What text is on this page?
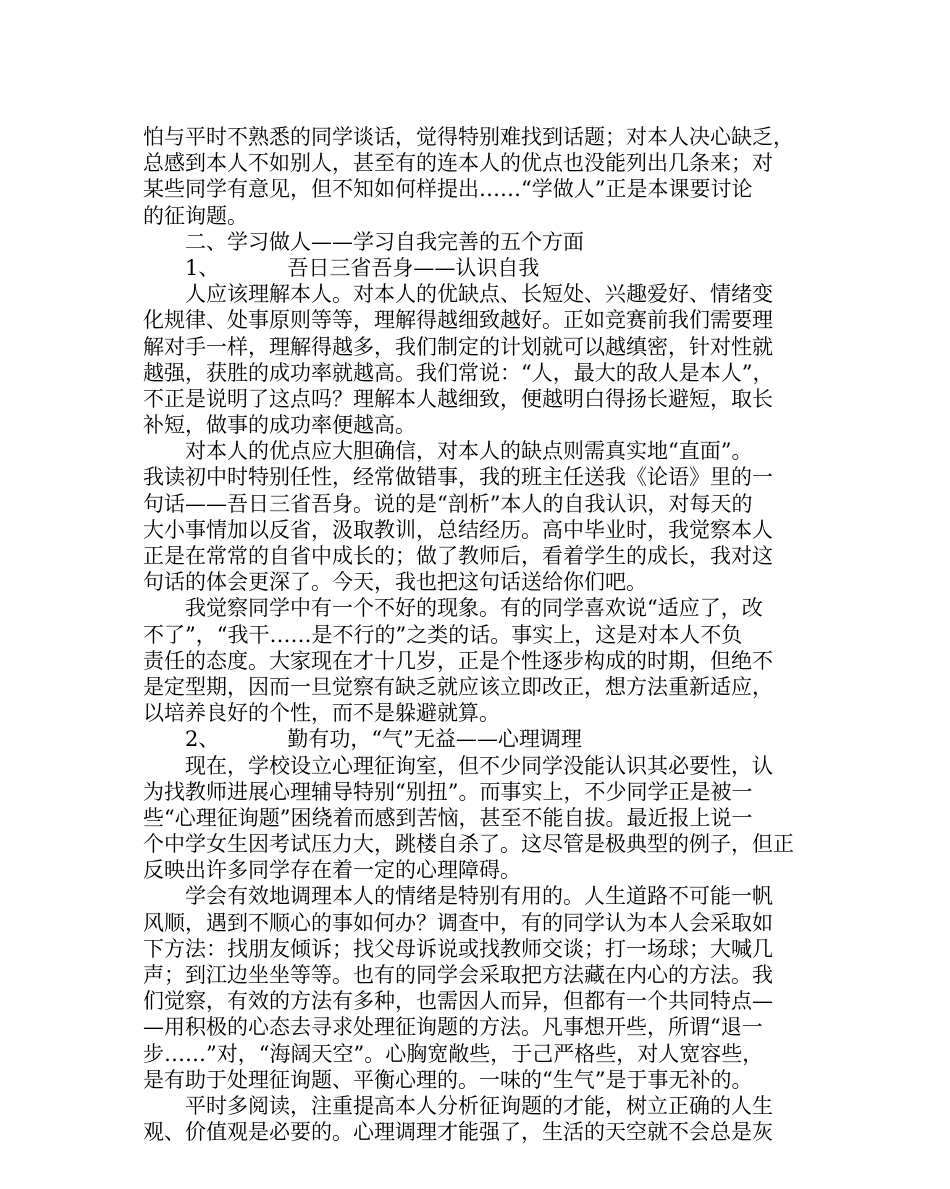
怕与平时不熟悉的同学谈话，觉得特别难找到话题；对本人决心缺乏，
总感到本人不如别人，甚至有的连本人的优点也没能列出几条来；对
某些同学有意见，但不知如何样提出……“学做人”正是本课要讨论
的征询题。
二、学习做人——学习自我完善的五个方面
1、	吾日三省吾身——认识自我
人应该理解本人。对本人的优缺点、长短处、兴趣爱好、情绪变
化规律、处事原则等等，理解得越细致越好。正如竞赛前我们需要理
解对手一样，理解得越多，我们制定的计划就可以越缜密，针对性就
越强，获胜的成功率就越高。我们常说：“人，最大的敌人是本人”，
不正是说明了这点吗？理解本人越细致，便越明白得扬长避短，取长
补短，做事的成功率便越高。
对本人的优点应大胆确信，对本人的缺点则需真实地“直面”。
我读初中时特别任性，经常做错事，我的班主任送我《论语》里的一
句话——吾日三省吾身。说的是“剖析”本人的自我认识，对每天的
大小事情加以反省，汲取教训，总结经历。高中毕业时，我觉察本人
正是在常常的自省中成长的；做了教师后，看着学生的成长，我对这
句话的体会更深了。今天，我也把这句话送给你们吧。
我觉察同学中有一个不好的现象。有的同学喜欢说“适应了，改
不了”，“我干……是不行的”之类的话。事实上，这是对本人不负
责任的态度。大家现在才十几岁，正是个性逐步构成的时期，但绝不
是定型期，因而一旦觉察有缺乏就应该立即改正，想方法重新适应，
以培养良好的个性，而不是躲避就算。
2、	勤有功，“气”无益——心理调理
现在，学校设立心理征询室，但不少同学没能认识其必要性，认
为找教师进展心理辅导特别“别扭”。而事实上，不少同学正是被一
些“心理征询题”困绕着而感到苦恼，甚至不能自拔。最近报上说一
个中学女生因考试压力大，跳楼自杀了。这尽管是极典型的例子，但正
反映出许多同学存在着一定的心理障碍。
学会有效地调理本人的情绪是特别有用的。人生道路不可能一帆
风顺，遇到不顺心的事如何办？调查中，有的同学认为本人会采取如
下方法：找朋友倾诉；找父母诉说或找教师交谈；打一场球；大喊几
声；到江边坐坐等等。也有的同学会采取把方法藏在内心的方法。我
们觉察，有效的方法有多种，也需因人而异，但都有一个共同特点—
—用积极的心态去寻求处理征询题的方法。凡事想开些，所谓“退一
步……”对，“海阔天空”。心胸宽敞些，于己严格些，对人宽容些，
是有助于处理征询题、平衡心理的。一味的“生气”是于事无补的。
平时多阅读，注重提高本人分析征询题的才能，树立正确的人生
观、价值观是必要的。心理调理才能强了，生活的天空就不会总是灰
